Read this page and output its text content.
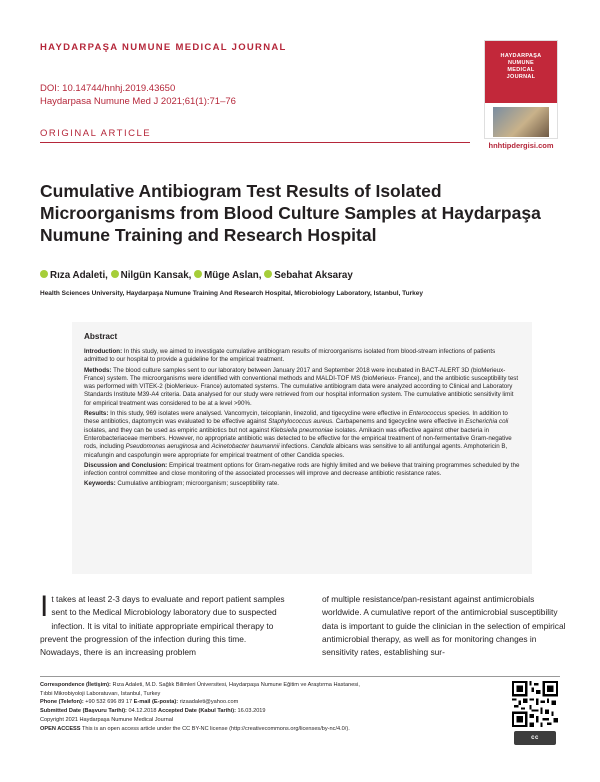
HAYDARPAŞA NUMUNE MEDICAL JOURNAL
DOI: 10.14744/hnhj.2019.43650
Haydarpasa Numune Med J 2021;61(1):71–76
ORIGINAL ARTICLE
HAYDARPAŞA
NUMUNE
MEDICAL
JOURNAL
hnhtipdergisi.com
Cumulative Antibiogram Test Results of Isolated Microorganisms from Blood Culture Samples at Haydarpaşa Numune Training and Research Hospital
Rıza Adaleti, Nilgün Kansak, Müge Aslan, Sebahat Aksaray
Health Sciences University, Haydarpaşa Numune Training And Research Hospital, Microbiology Laboratory, Istanbul, Turkey
Abstract

Introduction: In this study, we aimed to investigate cumulative antibiogram results of microorganisms isolated from blood-stream infections of patients admitted to our hospital to provide a guideline for the empirical treatment.

Methods: The blood culture samples sent to our laboratory between January 2017 and September 2018 were incubated in BACT-ALERT 3D (bioMerieux-France) system. The microorganisms were identified with conventional methods and MALDI-TOF MS (bioMerieux- France), and the antibiotic susceptibility test was performed with VITEK-2 (bioMerieux- France) automated systems. The cumulative antibiogram data were analyzed according to Clinical and Laboratory Standards Institute M39-A4 criteria. Data analysed for our study were retrieved from our hospital information system. The cumulative antibiotic sensitivity limit for empirical treatment was considered to be at a level >90%.

Results: In this study, 969 isolates were analysed. Vancomycin, teicoplanin, linezolid, and tigecycline were effective in Enterococcus species. In addition to these antibiotics, daptomycin was evaluated to be effective against Staphylococcus aureus. Carbapenems and tigecycline were effective in Escherichia coli isolates, and they can be used as empiric antibiotics but not against Klebsiella pneumoniae isolates. Amikacin was effective against other bacteria in Enterobacteriaceae members. However, no appropriate antibiotic was detected to be effective for the empirical treatment of non-fermentative Gram-negative rods, including Pseudomonas aeruginosa and Acinetobacter baumannii infections. Candida albicans was sensitive to all antifungal agents. Amphotericin B, micafungin and caspofungin were appropriate for empirical treatment of other Candida species.

Discussion and Conclusion: Empirical treatment options for Gram-negative rods are highly limited and we believe that training programmes scheduled by the infection control committee and close monitoring of the associated processes will improve and decrease antibiotic resistance rates.

Keywords: Cumulative antibiogram; microorganism; susceptibility rate.

It takes at least 2-3 days to evaluate and report patient samples sent to the Medical Microbiology laboratory due to suspected infection. It is vital to initiate appropriate empirical therapy to prevent the progression of the infection during this time. Nowadays, there is an increasing problem
of multiple resistance/pan-resistant against antimicrobials worldwide. A cumulative report of the antimicrobial susceptibility data is important to guide the clinician in the selection of empirical antimicrobial therapy, as well as for monitoring changes in sensitivity rates, establishing sur-
Correspondence (İletişim): Rıza Adaleti, M.D. Sağlık Bilimleri Üniversitesi, Haydarpaşa Numune Eğitim ve Araştırma Hastanesi,
Tıbbi Mikrobiyoloji Laboratuvarı, Istanbul, Turkey
Phone (Telefon): +90 532 696 89 17 E-mail (E-posta): rizaadaleti@yahoo.com
Submitted Date (Başvuru Tarihi): 04.12.2018 Accepted Date (Kabul Tarihi): 16.03.2019
Copyright 2021 Haydarpaşa Numune Medical Journal
OPEN ACCESS This is an open access article under the CC BY-NC license (http://creativecommons.org/licenses/by-nc/4.0/).
cc
